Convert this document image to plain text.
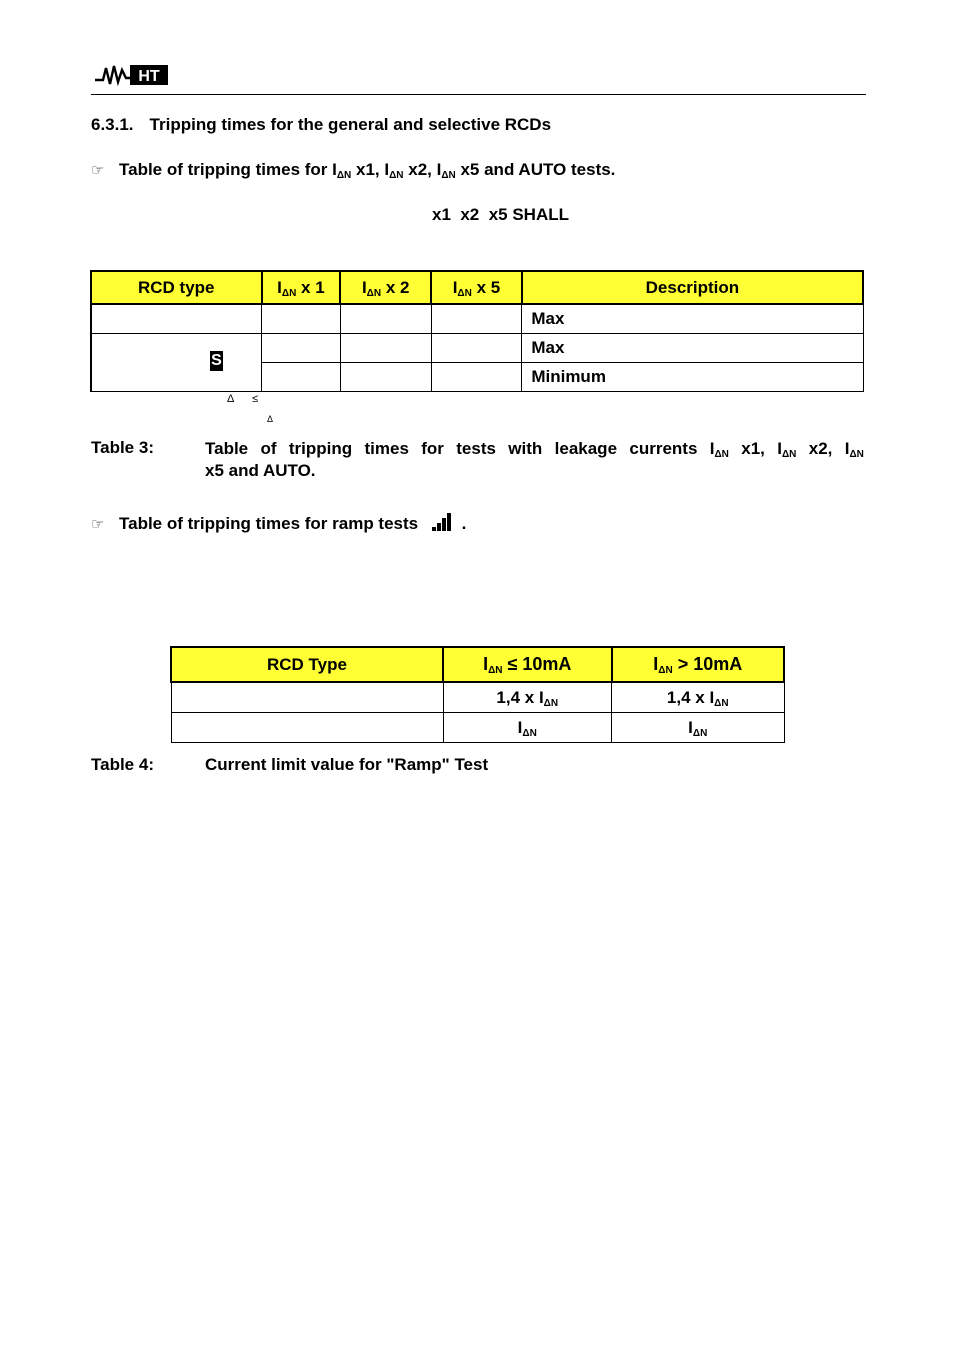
HT
6.3.1. Tripping times for the general and selective RCDs
☞ Table of tripping times for $I_{\Delta N}$ x1, $I_{\Delta N}$ x2, $I_{\Delta N}$ x5 and AUTO tests.
x1  x2  x5 SHALL
RCD type	$I_{\Delta N}$ x 1	$I_{\Delta N}$ x 2	$I_{\Delta N}$ x 5	Description
				Max
				Max
				Minimum
S
Δ ≤
Δ
Table 3:	Table of tripping times for tests with leakage currents $I_{\Delta N}$ x1, $I_{\Delta N}$ x2, $I_{\Delta N}$
x5 and AUTO.
☞ Table of tripping times for ramp tests	.
RCD Type	$I_{\Delta N} \le 10mA$	$I_{\Delta N} > 10mA$
	1,4 x $I_{\Delta N}$	1,4 x $I_{\Delta N}$
	$I_{\Delta N}$	$I_{\Delta N}$
Table 4:	Current limit value for "Ramp" Test
